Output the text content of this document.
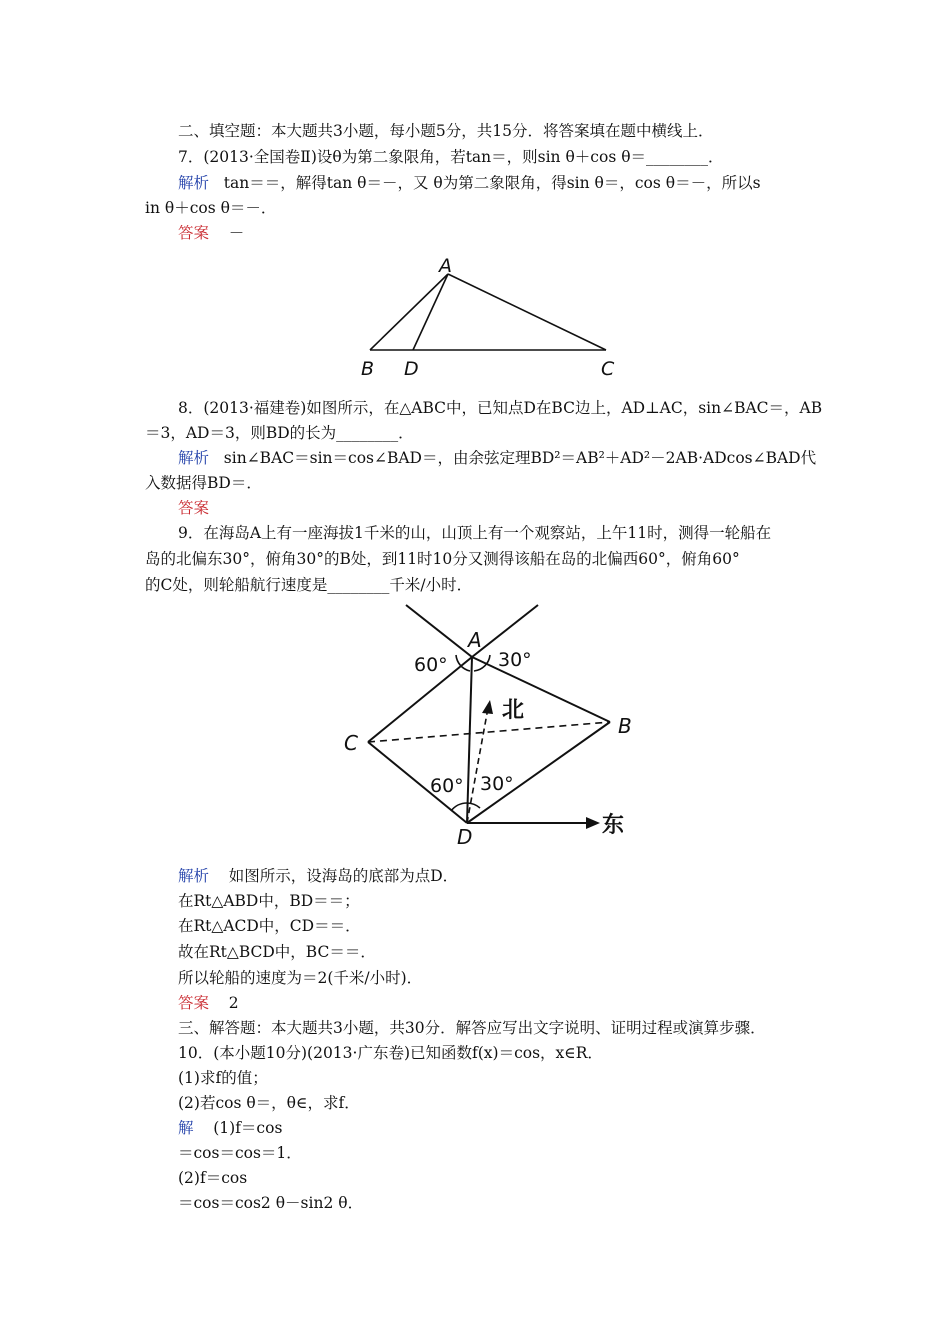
二、填空题：本大题共3小题，每小题5分，共15分．将答案填在题中横线上．
7．(2013·全国卷Ⅱ)设θ为第二象限角，若tan＝，则sin θ＋cos θ＝________．
解析 tan＝＝，解得tan θ＝－，又 θ为第二象限角，得sin θ＝，cos θ＝－，所以s
in θ＋cos θ＝－．
答案 －
A
B D	C
8．(2013·福建卷)如图所示，在△ABC中，已知点D在BC边上，AD⊥AC，sin∠BAC＝，AB
＝3，AD＝3，则BD的长为________．
解析 sin∠BAC＝sin＝cos∠BAD＝，由余弦定理BD²＝AB²＋AD²－2AB·ADcos∠BAD代
入数据得BD＝．
答案
9．在海岛A上有一座海拔1千米的山，山顶上有一个观察站，上午11时，测得一轮船在
岛的北偏东30°，俯角30°的B处，到11时10分又测得该船在岛的北偏西60°，俯角60°
的C处，则轮船航行速度是________千米/小时．
A
B
C
D
北
东
60°	30°
60° 30°
解析 如图所示，设海岛的底部为点D．
在Rt△ABD中，BD＝＝；
在Rt△ACD中，CD＝＝．
故在Rt△BCD中，BC＝＝．
所以轮船的速度为＝2(千米/小时)．
答案 2
三、解答题：本大题共3小题，共30分．解答应写出文字说明、证明过程或演算步骤．
10．(本小题10分)(2013·广东卷)已知函数f(x)＝cos，x∈R．
(1)求f的值；
(2)若cos θ＝，θ∈，求f．
解 (1)f＝cos
＝cos＝cos＝1．
(2)f＝cos
＝cos＝cos2 θ－sin2 θ．
